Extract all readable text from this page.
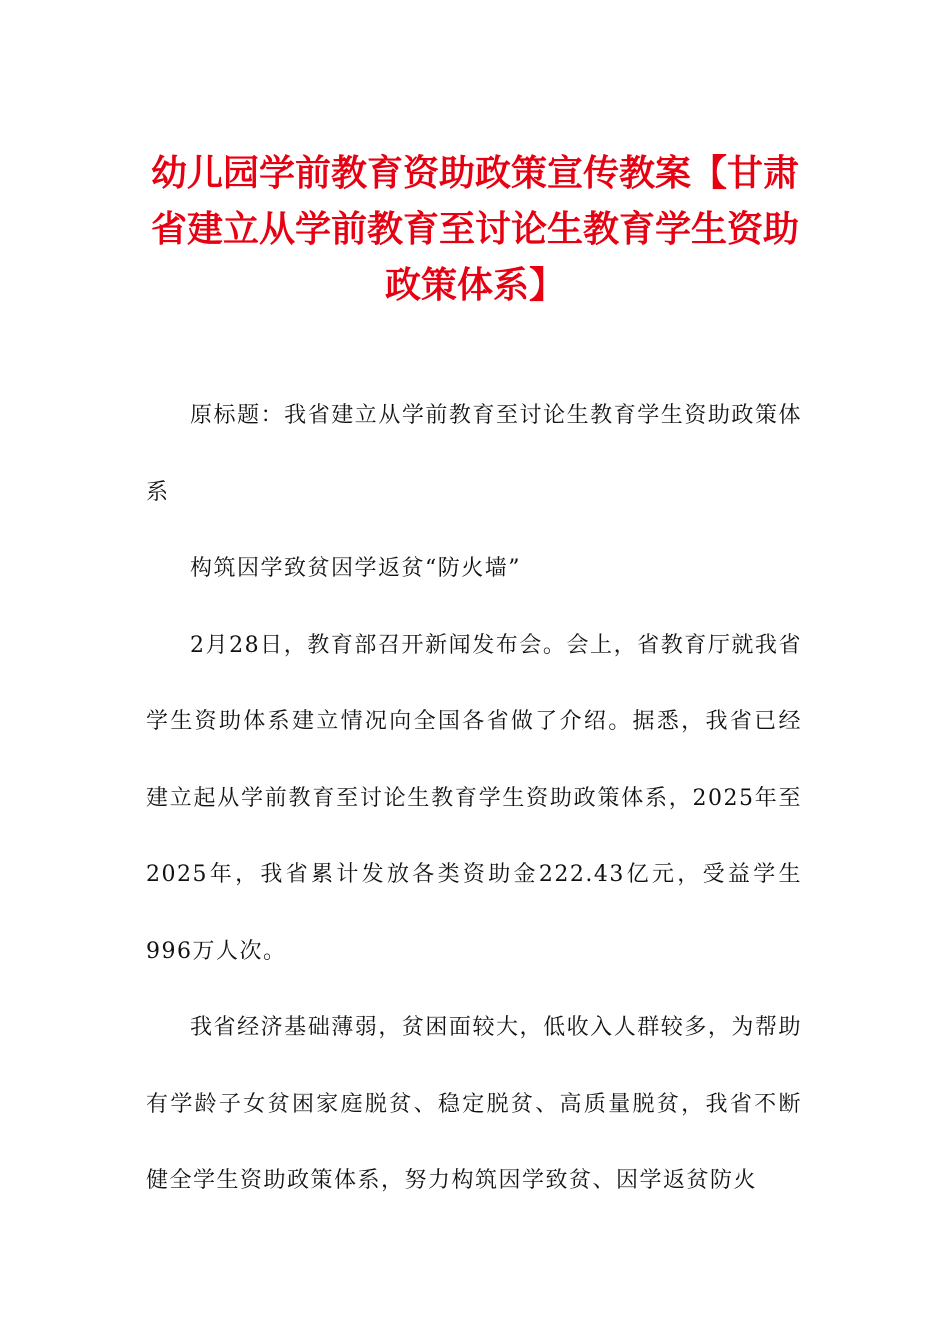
幼儿园学前教育资助政策宣传教案【甘肃省建立从学前教育至讨论生教育学生资助政策体系】

原标题：我省建立从学前教育至讨论生教育学生资助政策体系

构筑因学致贫因学返贫“防火墙”

2月28日，教育部召开新闻发布会。会上，省教育厅就我省学生资助体系建立情况向全国各省做了介绍。据悉，我省已经建立起从学前教育至讨论生教育学生资助政策体系，2025年至2025年，我省累计发放各类资助金222.43亿元，受益学生996万人次。

我省经济基础薄弱，贫困面较大，低收入人群较多，为帮助有学龄子女贫困家庭脱贫、稳定脱贫、高质量脱贫，我省不断健全学生资助政策体系，努力构筑因学致贫、因学返贫防火
